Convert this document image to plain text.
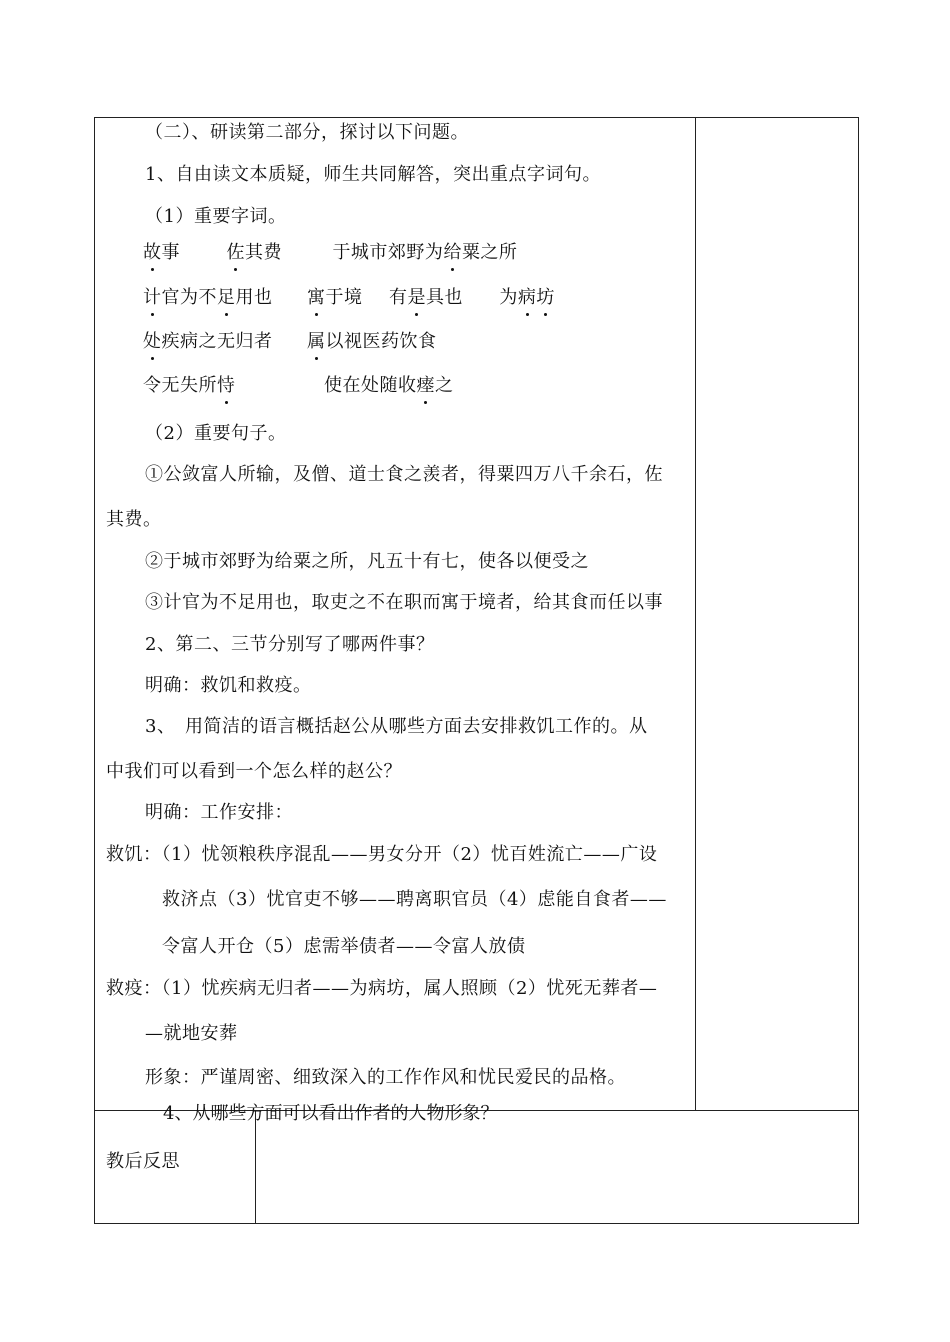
（二）、研读第二部分，探讨以下问题。
1、自由读文本质疑，师生共同解答，突出重点字词句。
（1）重要字词。
故事	佐其费	于城市郊野为给粟之所
计官为不足用也 寓于境 有是具也 为病坊
处疾病之无归者 属以视医药饮食
令无失所恃	使在处随收瘗之
（2）重要句子。
①公敛富人所输，及僧、道士食之羡者，得粟四万八千余石，佐
其费。
②于城市郊野为给粟之所，凡五十有七，使各以便受之
③计官为不足用也，取吏之不在职而寓于境者，给其食而任以事
2、第二、三节分别写了哪两件事？
明确：救饥和救疫。
3、　用简洁的语言概括赵公从哪些方面去安排救饥工作的。从
中我们可以看到一个怎么样的赵公？
明确：工作安排：
救饥：（1）忧领粮秩序混乱——男女分开（2）忧百姓流亡——广设
救济点（3）忧官吏不够——聘离职官员（4）虑能自食者——
令富人开仓（5）虑需举债者——令富人放债
救疫：（1）忧疾病无归者——为病坊，属人照顾（2）忧死无葬者—
—就地安葬
形象：严谨周密、细致深入的工作作风和忧民爱民的品格。
4、从哪些方面可以看出作者的人物形象？
教后反思
